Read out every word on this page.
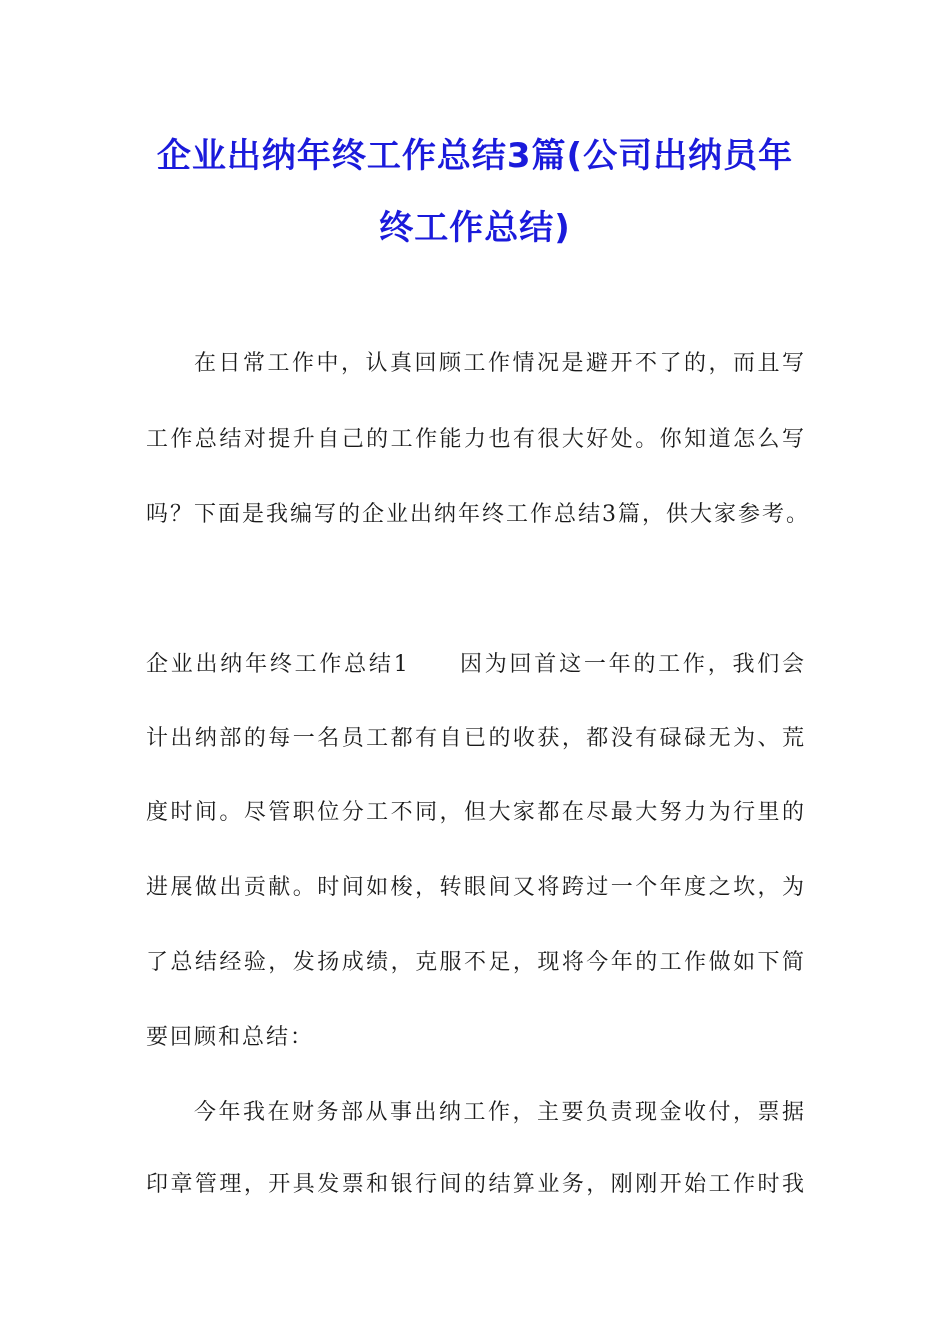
企业出纳年终工作总结3篇(公司出纳员年
终工作总结)
在日常工作中，认真回顾工作情况是避开不了的，而且写
工作总结对提升自己的工作能力也有很大好处。你知道怎么写
吗？下面是我编写的企业出纳年终工作总结3篇，供大家参考。
企业出纳年终工作总结1　　因为回首这一年的工作，我们会
计出纳部的每一名员工都有自已的收获，都没有碌碌无为、荒
度时间。尽管职位分工不同，但大家都在尽最大努力为行里的
进展做出贡献。时间如梭，转眼间又将跨过一个年度之坎，为
了总结经验，发扬成绩，克服不足，现将今年的工作做如下简
要回顾和总结：
今年我在财务部从事出纳工作，主要负责现金收付，票据
印章管理，开具发票和银行间的结算业务，刚刚开始工作时我
